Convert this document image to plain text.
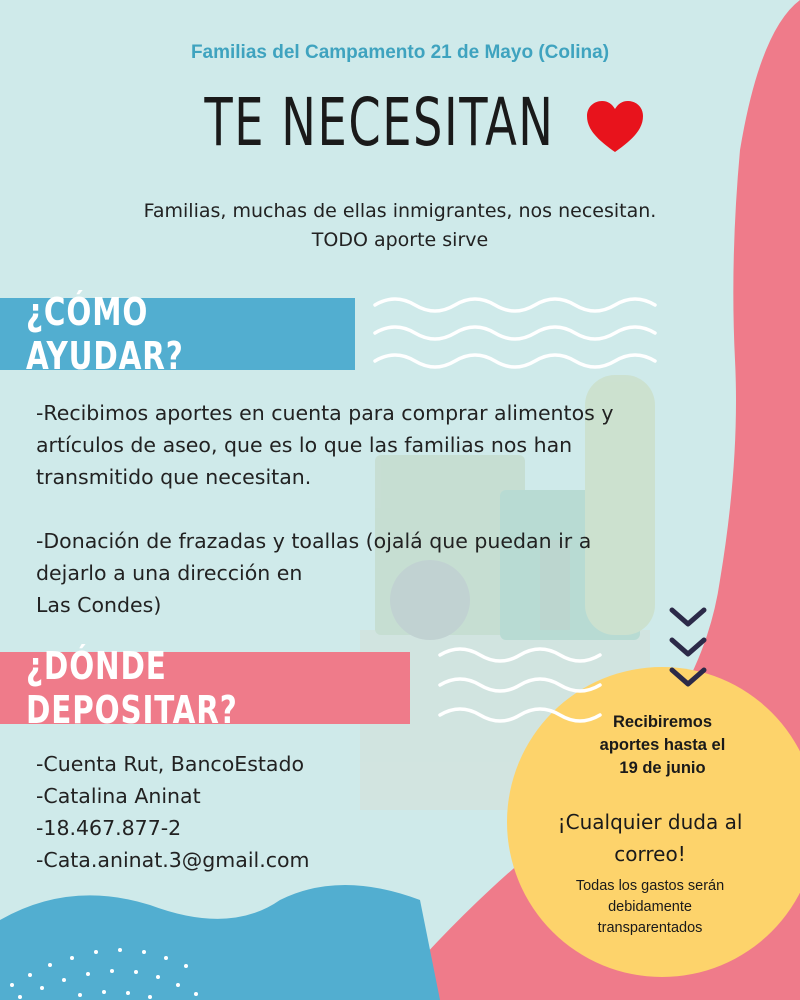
Familias del Campamento 21 de Mayo (Colina)
TE NECESITAN
Familias, muchas de ellas inmigrantes, nos necesitan.
TODO aporte sirve
¿CÓMO AYUDAR?
-Recibimos aportes en cuenta para comprar alimentos y
artículos de aseo, que es lo que las familias nos han
transmitido que necesitan.
-Donación de frazadas y toallas (ojalá que puedan ir a
dejarlo a una dirección en
Las Condes)
¿DÓNDE DEPOSITAR?
-Cuenta Rut, BancoEstado
-Catalina Aninat
-18.467.877-2
-Cata.aninat.3@gmail.com
Recibiremos
aportes hasta el
19 de junio
¡Cualquier duda al
correo!
Todas los gastos serán
debidamente
transparentados
